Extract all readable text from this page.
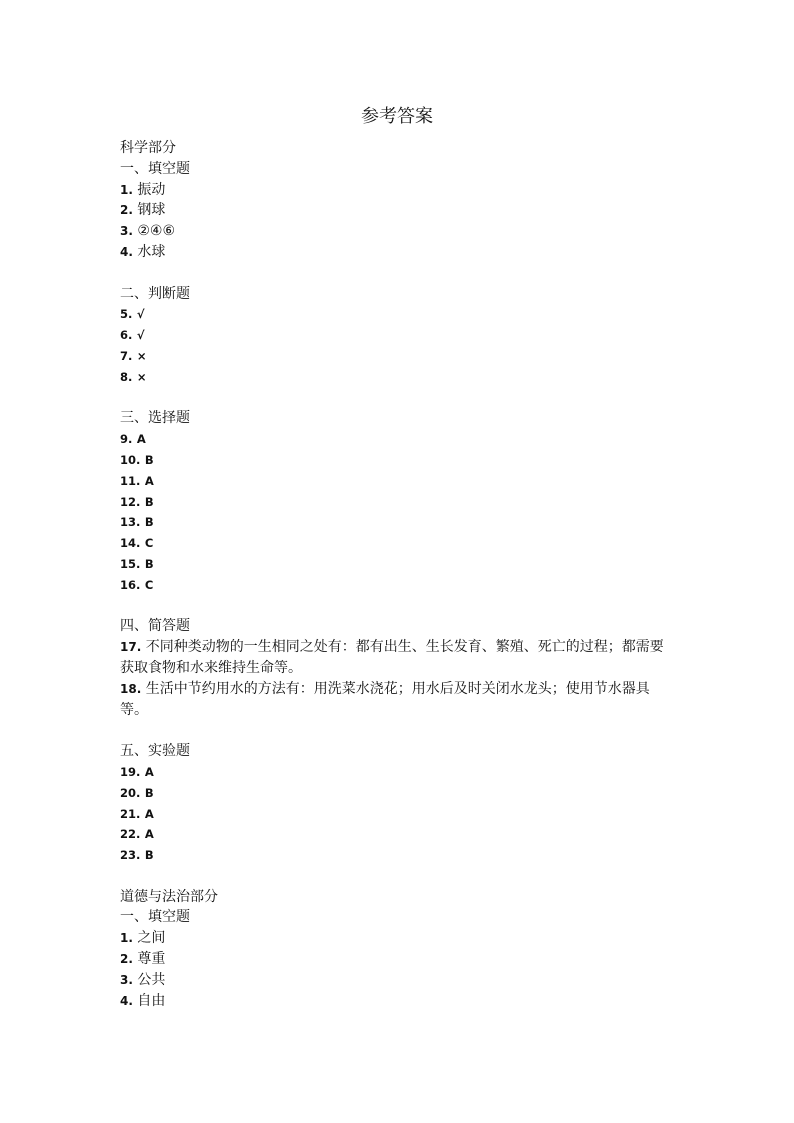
参考答案
科学部分
一、填空题
1. 振动
2. 钢球
3. ②④⑥
4. 水球
二、判断题
5. √
6. √
7. ×
8. ×
三、选择题
9. A
10. B
11. A
12. B
13. B
14. C
15. B
16. C
四、简答题
17. 不同种类动物的一生相同之处有：都有出生、生长发育、繁殖、死亡的过程；都需要获取食物和水来维持生命等。
18. 生活中节约用水的方法有：用洗菜水浇花；用水后及时关闭水龙头；使用节水器具等。
五、实验题
19. A
20. B
21. A
22. A
23. B
道德与法治部分
一、填空题
1. 之间
2. 尊重
3. 公共
4. 自由
